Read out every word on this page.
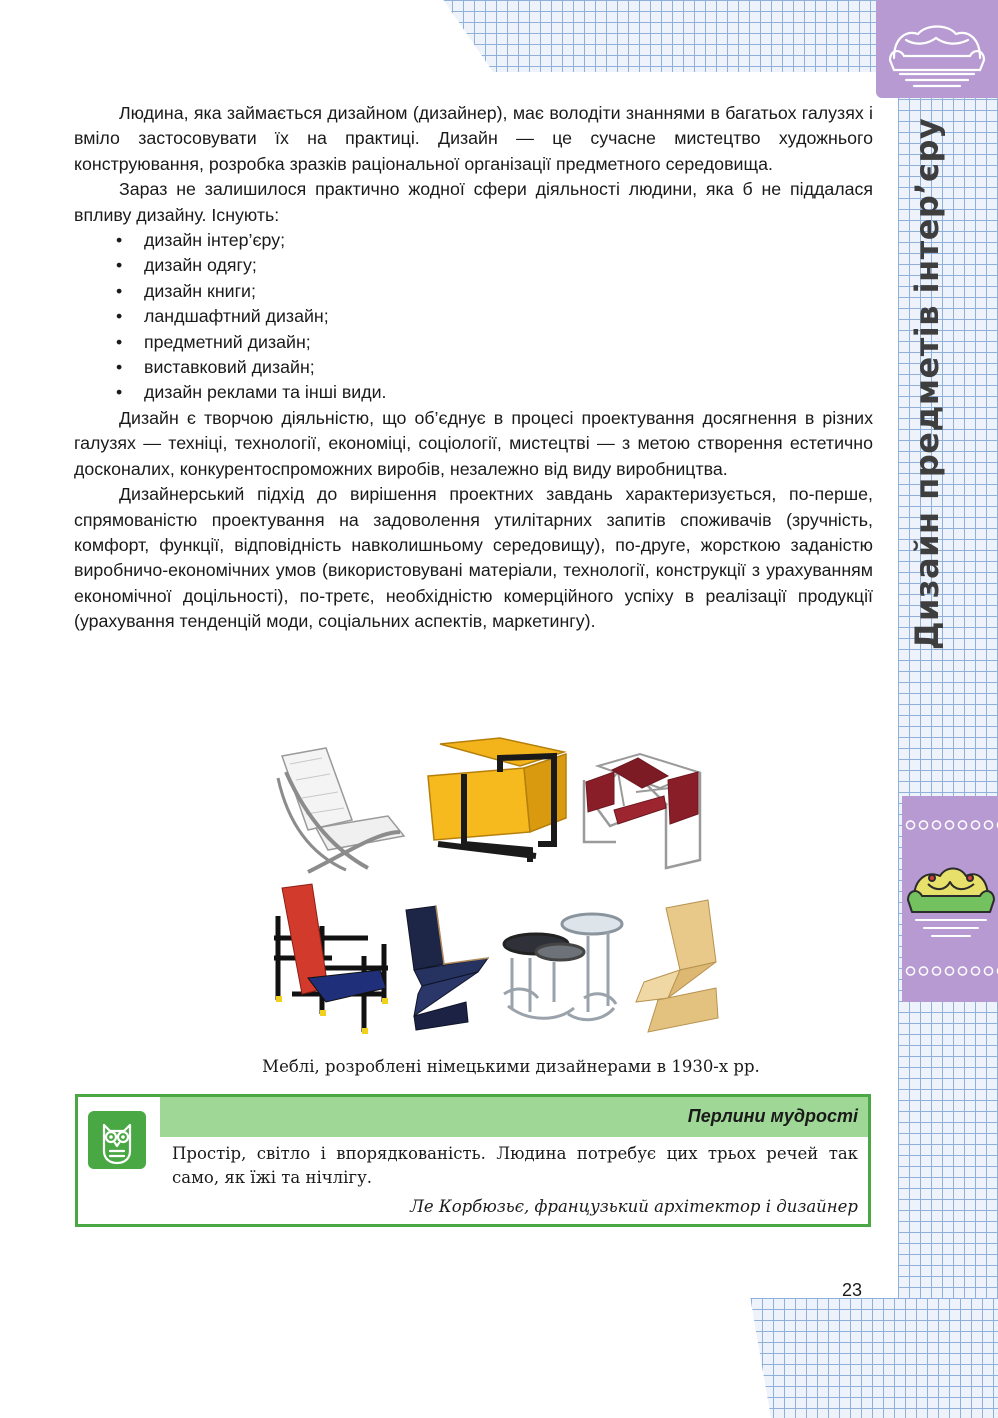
Дизайн предметів інтер’єру

Людина, яка займається дизайном (дизайнер), має володіти знаннями в багатьох галузях і вміло застосовувати їх на практиці. Дизайн — це сучасне мистецтво художнього конструювання, розробка зразків раціональної організації предметного середовища.

Зараз не залишилося практично жодної сфери діяльності людини, яка б не піддалася впливу дизайну. Існують:

• дизайн інтер’єру;
• дизайн одягу;
• дизайн книги;
• ландшафтний дизайн;
• предметний дизайн;
• виставковий дизайн;
• дизайн реклами та інші види.

Дизайн є творчою діяльністю, що об’єднує в процесі проектування досягнення в різних галузях — техніці, технології, економіці, соціології, мистецтві — з метою створення естетично досконалих, конкурентоспроможних виробів, незалежно від виду виробництва.

Дизайнерський підхід до вирішення проектних завдань характеризується, по-перше, спрямованістю проектування на задоволення утилітарних запитів споживачів (зручність, комфорт, функції, відповідність навколишньому середовищу), по-друге, жорсткою заданістю виробничо-економічних умов (використовувані матеріали, технології, конструкції з урахуванням економічної доцільності), по-третє, необхідністю комерційного успіху в реалізації продукції (урахування тенденцій моди, соціальних аспектів, маркетингу).

Меблі, розроблені німецькими дизайнерами в 1930-х рр.
Перлини мудрості
Простір, світло і впорядкованість. Людина потребує цих трьох речей так само, як їжі та нічлігу.
Ле Корбюзьє, французький архітектор і дизайнер
23
